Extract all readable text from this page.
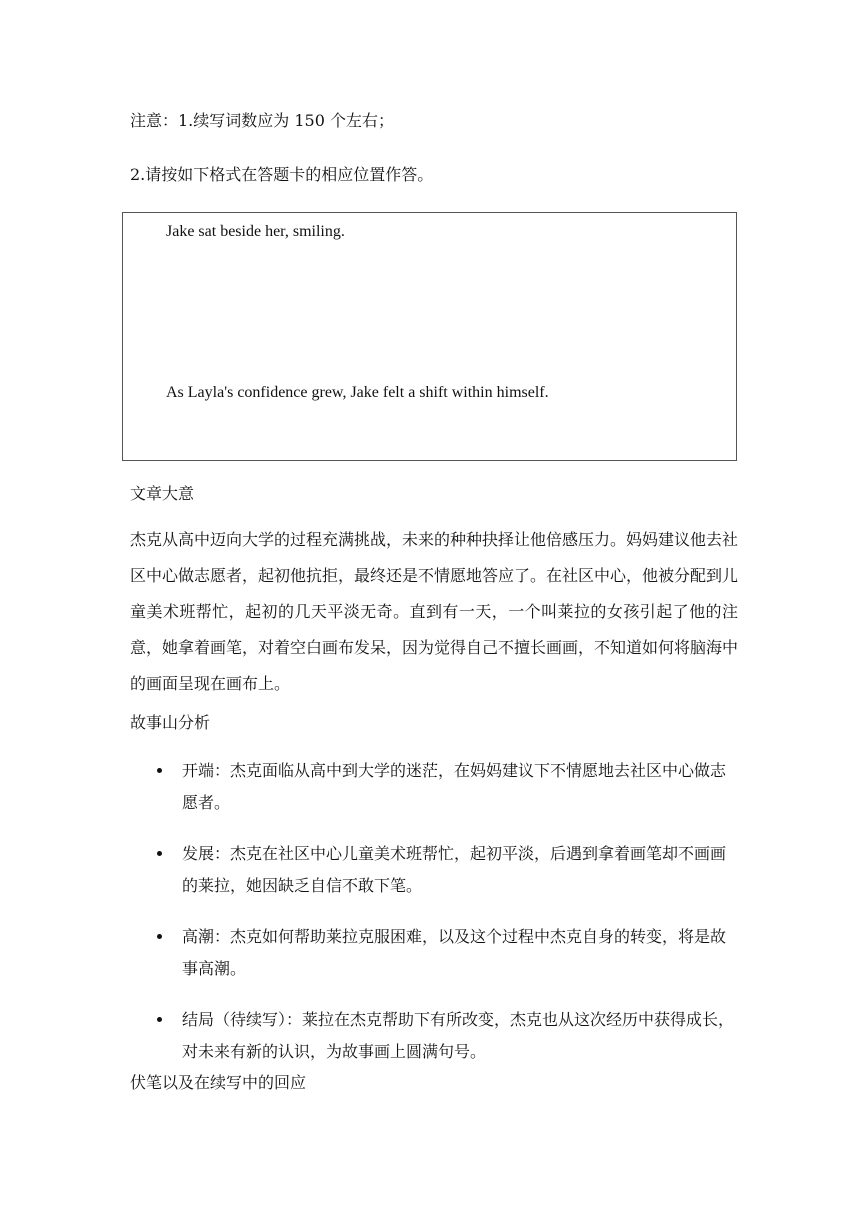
注意：1.续写词数应为 150 个左右；
2.请按如下格式在答题卡的相应位置作答。
Jake sat beside her, smiling.
As Layla's confidence grew, Jake felt a shift within himself.
文章大意

杰克从高中迈向大学的过程充满挑战，未来的种种抉择让他倍感压力。妈妈建议他去社区中心做志愿者，起初他抗拒，最终还是不情愿地答应了。在社区中心，他被分配到儿童美术班帮忙，起初的几天平淡无奇。直到有一天，一个叫莱拉的女孩引起了他的注意，她拿着画笔，对着空白画布发呆，因为觉得自己不擅长画画，不知道如何将脑海中的画面呈现在画布上。

故事山分析
开端：杰克面临从高中到大学的迷茫，在妈妈建议下不情愿地去社区中心做志愿者。
发展：杰克在社区中心儿童美术班帮忙，起初平淡，后遇到拿着画笔却不画画的莱拉，她因缺乏自信不敢下笔。
高潮：杰克如何帮助莱拉克服困难，以及这个过程中杰克自身的转变，将是故事高潮。
结局（待续写）：莱拉在杰克帮助下有所改变，杰克也从这次经历中获得成长，对未来有新的认识，为故事画上圆满句号。
伏笔以及在续写中的回应
